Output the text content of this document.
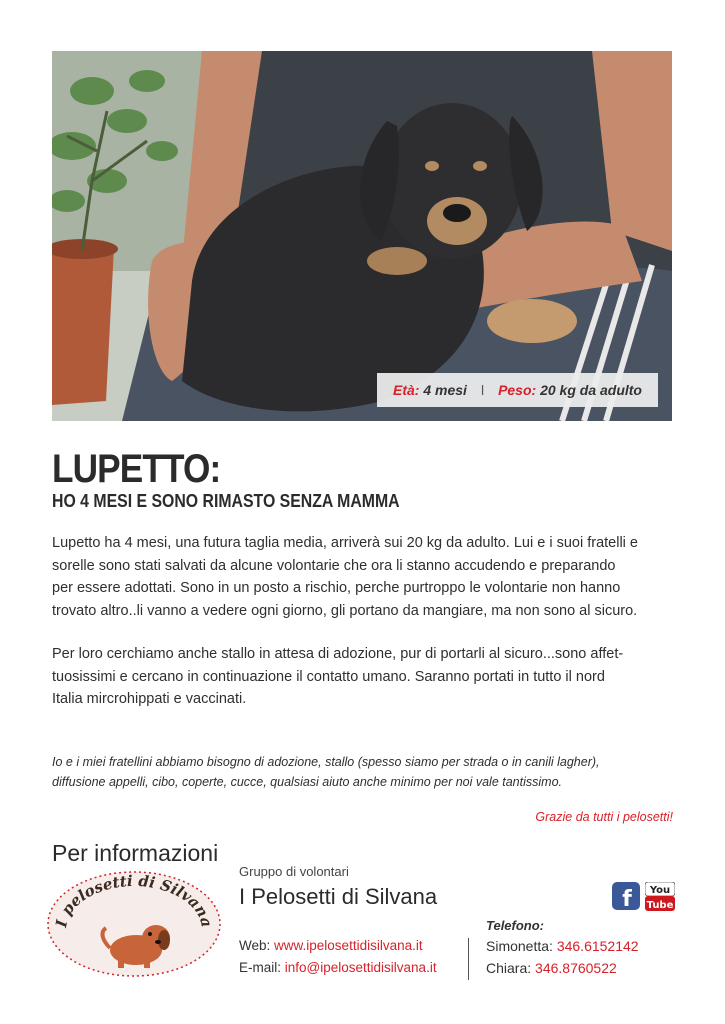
Età:
4 mesi l Peso:
20 kg da adulto
LUPETTO:
HO 4 MESI E SONO RIMASTO SENZA MAMMA

Lupetto ha 4 mesi, una futura taglia media, arriverà sui 20 kg da adulto. Lui e i suoi fratelli e
sorelle sono stati salvati da alcune volontarie che ora li stanno accudendo e preparando
per essere adottati. Sono in un posto a rischio, perche purtroppo le volontarie non hanno
trovato altro..li vanno a vedere ogni giorno, gli portano da mangiare, ma non sono al sicuro.

Per loro cerchiamo anche stallo in attesa di adozione, pur di portarli al sicuro...sono affet-
tuosissimi e cercano in continuazione il contatto umano. Saranno portati in tutto il nord
Italia mircrohippati e vaccinati.

Io e i miei fratellini abbiamo bisogno di adozione, stallo (spesso siamo per strada o in canili lagher),
diffusione appelli, cibo, coperte, cucce, qualsiasi aiuto anche minimo per noi vale tantissimo.

Grazie da tutti i pelosetti!
Per informazioni
I pelosetti di Silvana
Gruppo di volontari
I Pelosetti di Silvana
Web: www.ipelosettidisilvana.it
E-mail: info@ipelosettidisilvana.it
Telefono:
Simonetta: 346.6152142
Chiara: 346.8760522
f You
Tube
